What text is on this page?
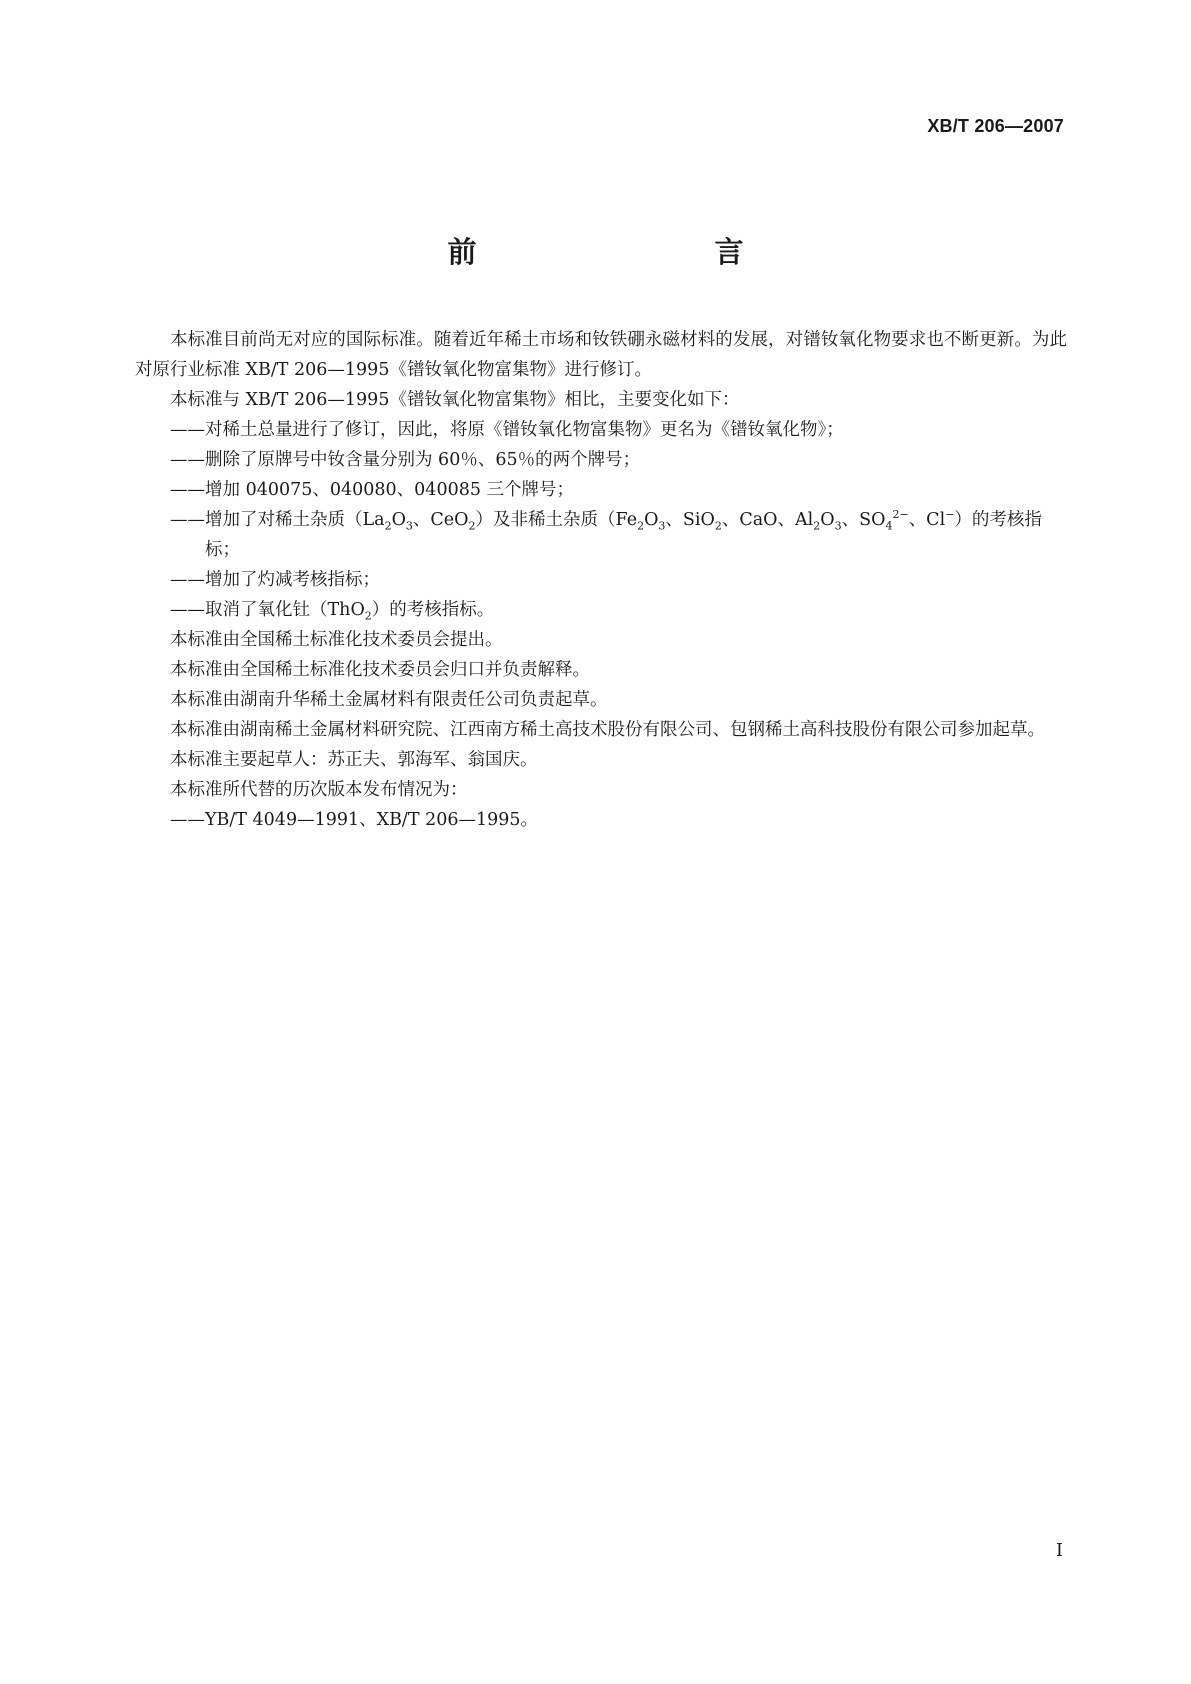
XB/T 206—2007
前　　言

本标准目前尚无对应的国际标准。随着近年稀土市场和钕铁硼永磁材料的发展，对镨钕氧化物要求也不断更新。为此对原行业标准 XB/T 206—1995《镨钕氧化物富集物》进行修订。

本标准与 XB/T 206—1995《镨钕氧化物富集物》相比，主要变化如下：

——对稀土总量进行了修订，因此，将原《镨钕氧化物富集物》更名为《镨钕氧化物》；

——删除了原牌号中钕含量分别为 60％、65％的两个牌号；

——增加 040075、040080、040085 三个牌号；

——增加了对稀土杂质（$La_2O_3$、CeO$_2$）及非稀土杂质（$Fe_2O_3$、SiO$_2$、CaO、$Al_2O_3$、$SO_4^{2-}$、Cl−）的考核指标；

——增加了灼减考核指标；

——取消了氧化钍（ThO$_2$）的考核指标。

本标准由全国稀土标准化技术委员会提出。

本标准由全国稀土标准化技术委员会归口并负责解释。

本标准由湖南升华稀土金属材料有限责任公司负责起草。

本标准由湖南稀土金属材料研究院、江西南方稀土高技术股份有限公司、包钢稀土高科技股份有限公司参加起草。

本标准主要起草人：苏正夫、郭海军、翁国庆。

本标准所代替的历次版本发布情况为：

——YB/T 4049—1991、XB/T 206—1995。

I
